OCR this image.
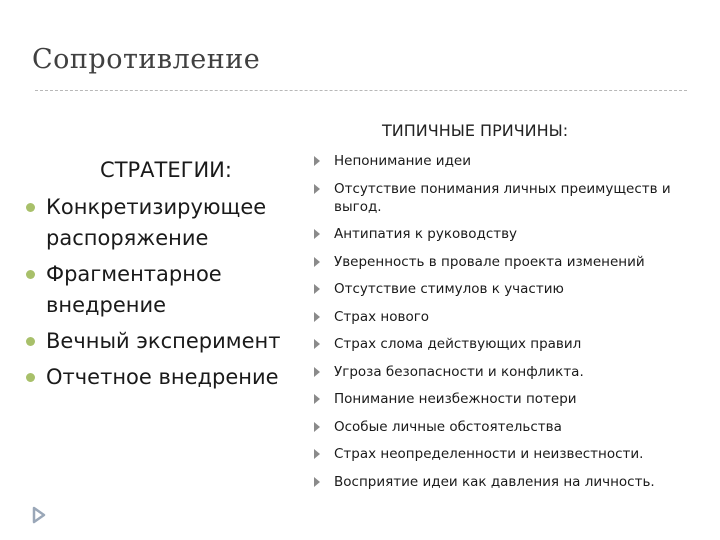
Сопротивление
СТРАТЕГИИ:
Конкретизирующее распоряжение
Фрагментарное внедрение
Вечный эксперимент
Отчетное внедрение
ТИПИЧНЫЕ ПРИЧИНЫ:
Непонимание идеи
Отсутствие понимания личных преимуществ и выгод.
Антипатия к руководству
Уверенность в провале проекта изменений
Отсутствие стимулов к участию
Страх нового
Страх слома действующих правил
Угроза безопасности и конфликта.
Понимание неизбежности потери
Особые личные обстоятельства
Страх неопределенности и неизвестности.
Восприятие идеи как давления на личность.
